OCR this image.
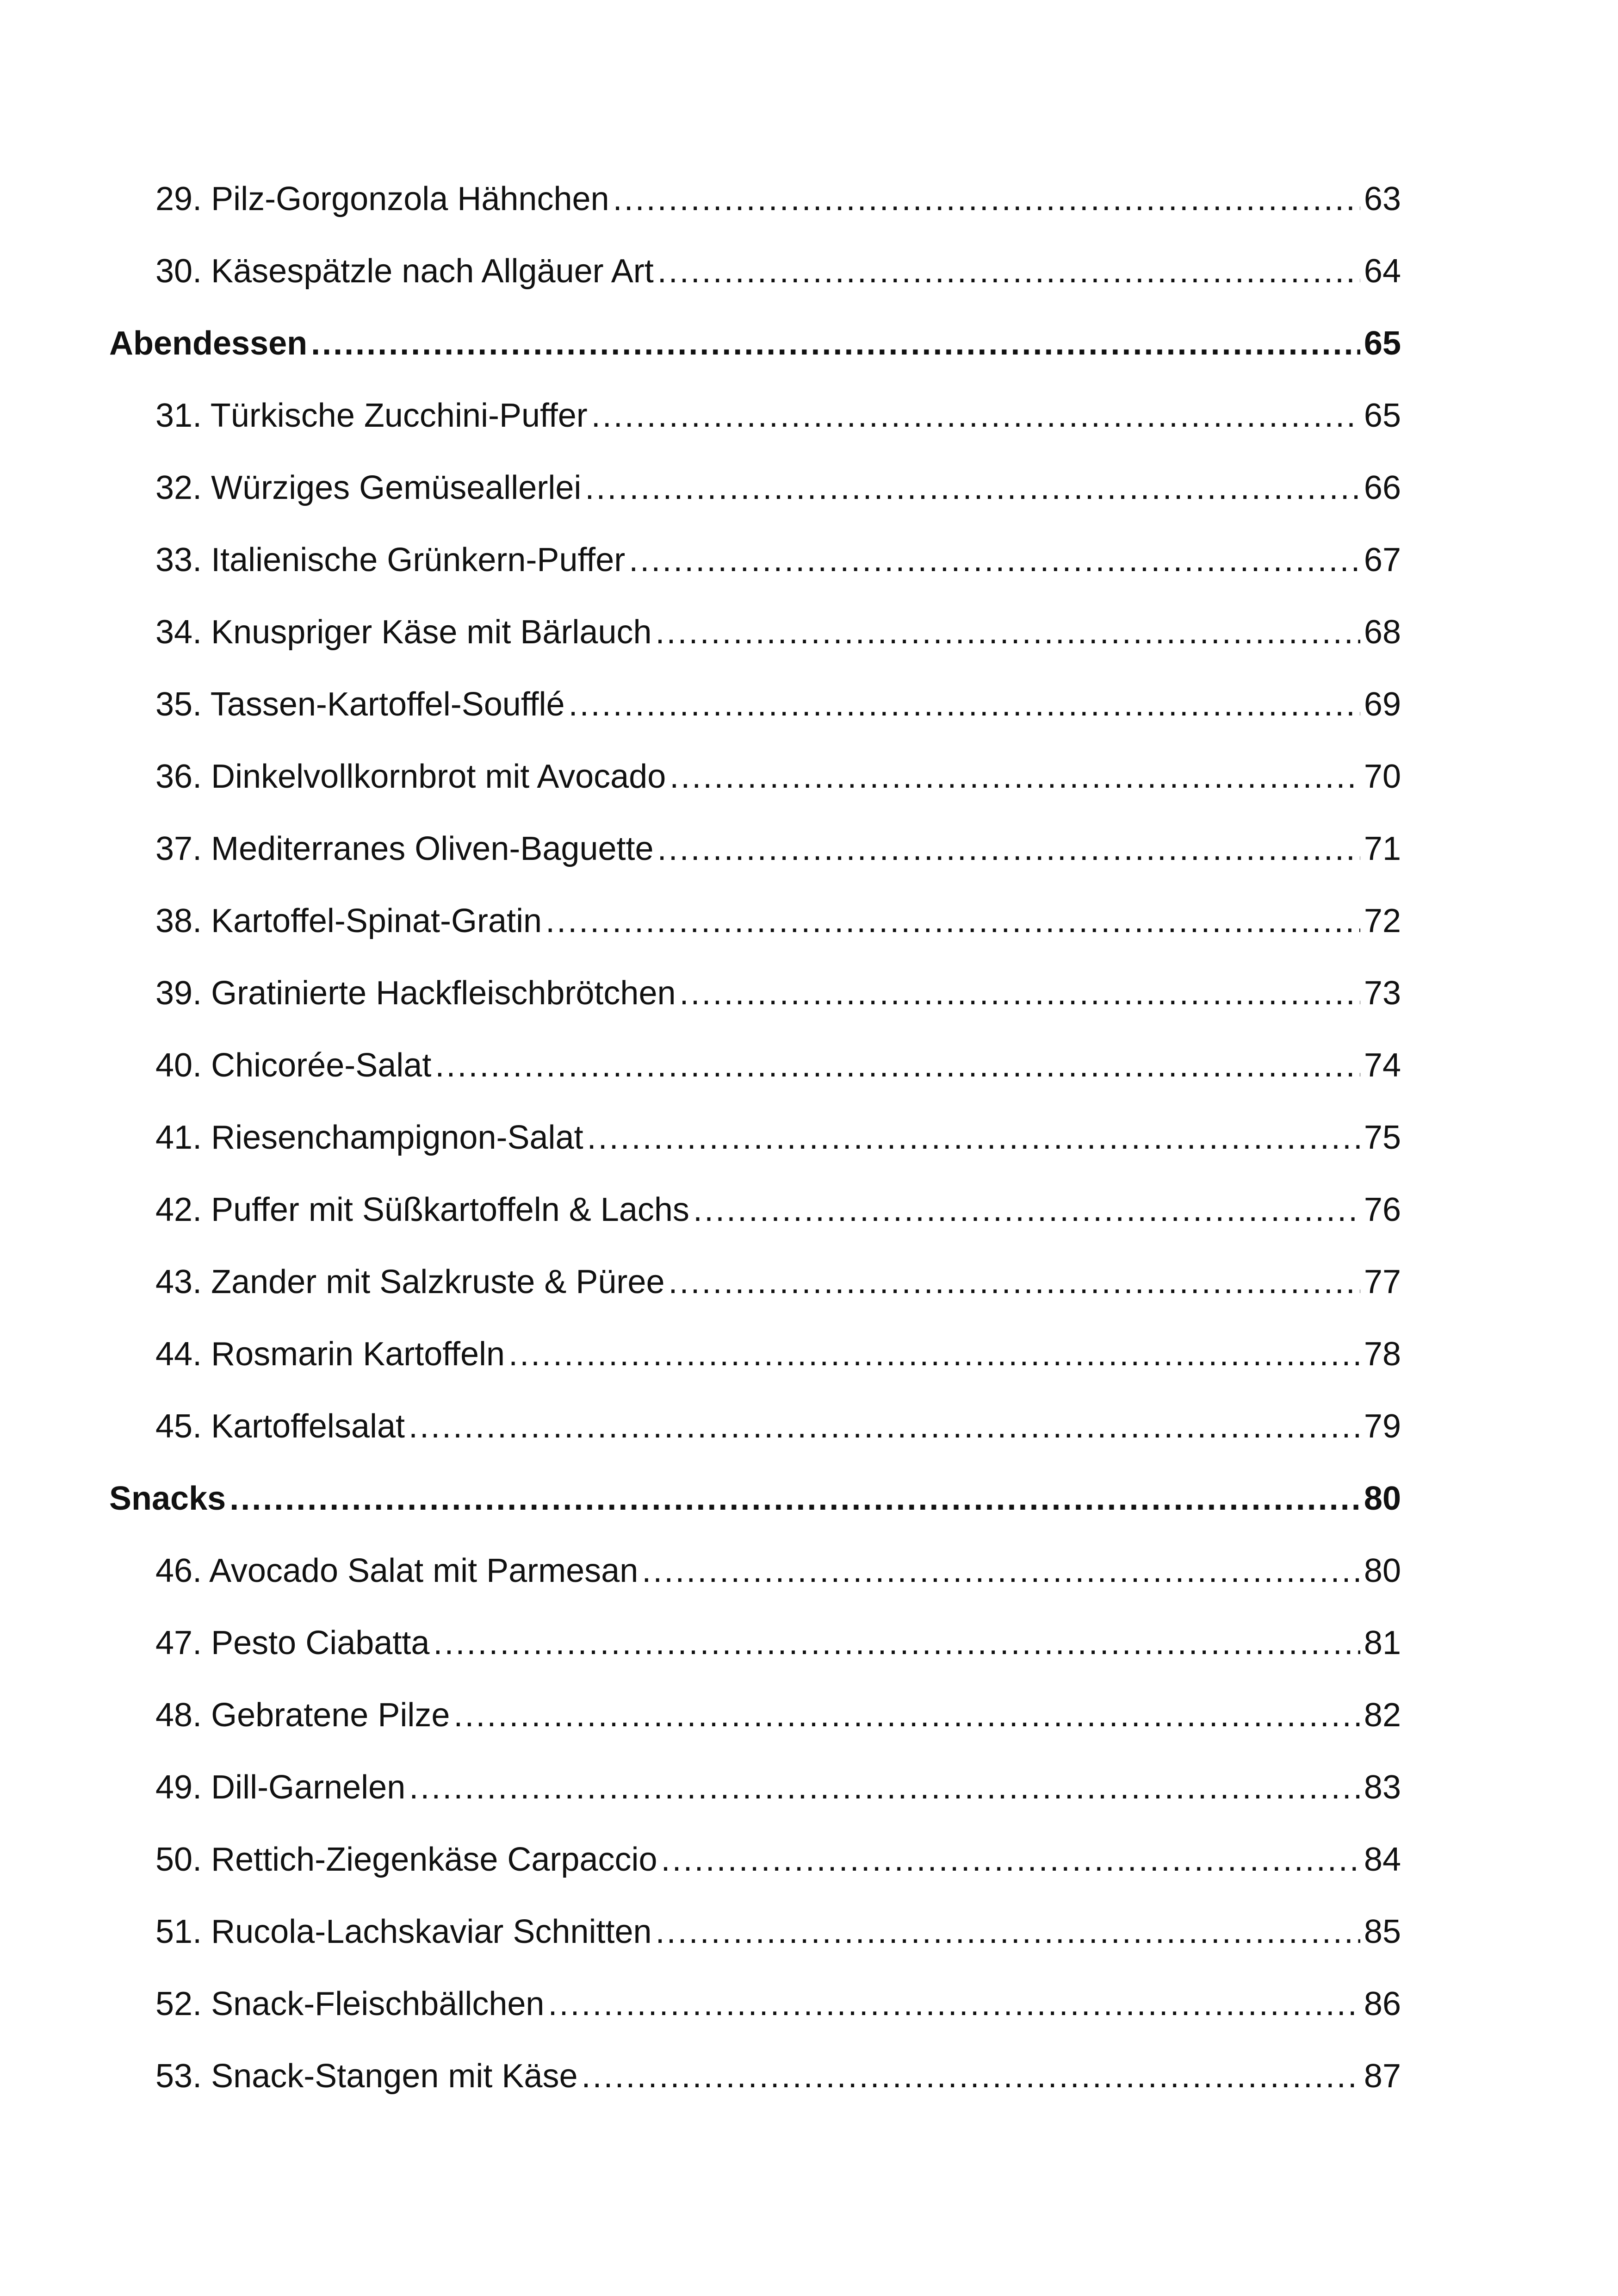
29. Pilz-Gorgonzola Hähnchen .....	63
30. Käsespätzle nach Allgäuer Art .....	64
Abendessen .....	65
31. Türkische Zucchini-Puffer .....	65
32. Würziges Gemüseallerlei .....	66
33. Italienische Grünkern-Puffer .....	67
34. Knuspriger Käse mit Bärlauch .....	68
35. Tassen-Kartoffel-Soufflé .....	69
36. Dinkelvollkornbrot mit Avocado .....	70
37. Mediterranes Oliven-Baguette .....	71
38. Kartoffel-Spinat-Gratin .....	72
39. Gratinierte Hackfleischbrötchen .....	73
40. Chicorée-Salat .....	74
41. Riesenchampignon-Salat .....	75
42. Puffer mit Süßkartoffeln & Lachs .....	76
43. Zander mit Salzkruste & Püree .....	77
44. Rosmarin Kartoffeln .....	78
45. Kartoffelsalat .....	79
Snacks .....	80
46. Avocado Salat mit Parmesan .....	80
47. Pesto Ciabatta .....	81
48. Gebratene Pilze .....	82
49. Dill-Garnelen .....	83
50. Rettich-Ziegenkäse Carpaccio .....	84
51. Rucola-Lachskaviar Schnitten .....	85
52. Snack-Fleischbällchen .....	86
53. Snack-Stangen mit Käse .....	87
